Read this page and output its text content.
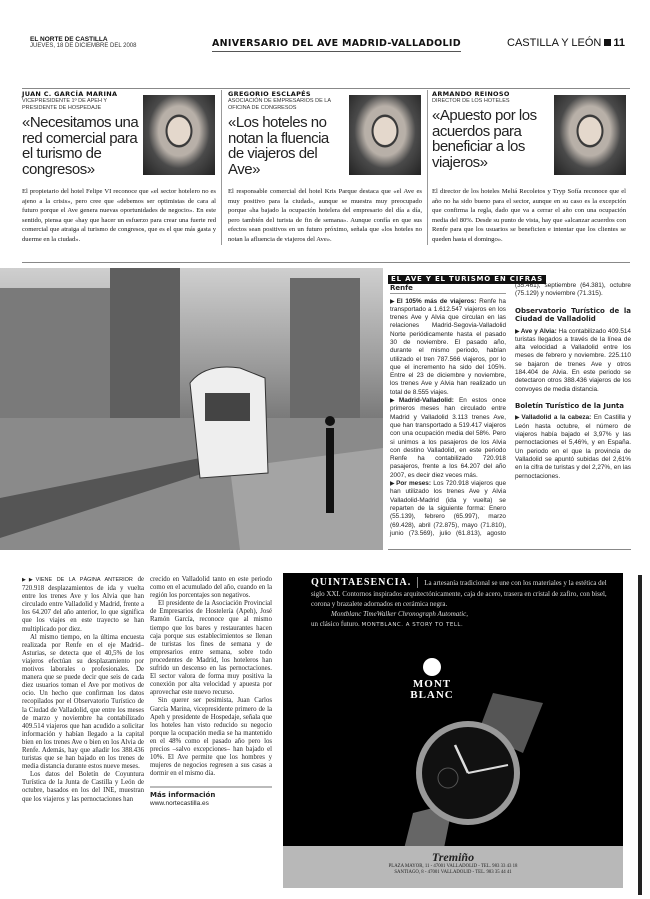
EL NORTE DE CASTILLA
JUEVES, 18 DE DICIEMBRE DEL 2008	ANIVERSARIO DEL AVE MADRID-VALLADOLID	CASTILLA Y LEÓN 11
JUAN C. GARCÍA MARINA
VICEPRESIDENTE 1º DE APEH Y PRESIDENTE DE HOSPEDAJE
«Necesitamos una red comercial para el turismo de congresos»
El propietario del hotel Felipe VI reconoce que «el sector hotelero no es ajeno a la crisis», pero cree que «debemos ser optimistas de cara al futuro porque el Ave genera nuevas oportunidades de negocio». En este sentido, piensa que «hay que hacer un esfuerzo para crear una fuerte red comercial que atraiga al turismo de congresos, que es el que más gasta y duerme en la ciudad».
GREGORIO ESCLAPÉS
ASOCIACIÓN DE EMPRESARIOS DE LA OFICINA DE CONGRESOS
«Los hoteles no notan la fluencia de viajeros del Ave»
El responsable comercial del hotel Kris Parque destaca que «el Ave es muy positivo para la ciudad», aunque se muestra muy preocupado porque «ha bajado la ocupación hotelera del empresario del día a día, pero también del turista de fin de semana». Aunque confía en que sus efectos sean positivos en un futuro próximo, señala que «los hoteles no notan la afluencia de viajeros del Ave».
ARMANDO REINOSO
DIRECTOR DE LOS HOTELES
«Apuesto por los acuerdos para beneficiar a los viajeros»
El director de los hoteles Meliá Recoletos y Tryp Sofía reconoce que el año no ha sido bueno para el sector, aunque en su caso es la excepción que confirma la regla, dado que va a cerrar el año con una ocupación media del 80%. Desde su punto de vista, hay que «alcanzar acuerdos con Renfe para que los usuarios se beneficien e intentar que los clientes se queden hasta el domingo».
EL AVE Y EL TURISMO EN CIFRAS
Renfe

▶El 105% más de viajeros: Renfe ha transportado a 1.612.547 viajeros en los trenes Ave y Alvia que circulan en las relaciones Madrid-Segovia-Valladolid Norte periódicamente hasta el pasado 30 de noviembre. El pasado año, durante el mismo periodo, habían utilizado el tren 787.566 viajeros, por lo que el incremento ha sido del 105%. Entre el 23 de diciembre y noviembre, los trenes Ave y Alvia han realizado un total de 8.555 viajes.

▶Madrid-Valladolid: En estos once primeros meses han circulado entre Madrid y Valladolid 3.113 trenes Ave, que han transportado a 519.417 viajeros con una ocupación media del 58%. Pero si unimos a los pasajeros de los Alvia con destino Valladolid, en este periodo Renfe ha contabilizado 720.918 pasajeros, frente a los 64.207 del año 2007, es decir diez veces más.

▶Por meses: Los 720.918 viajeros que han utilizado los trenes Ave y Alvia Valladolid-Madrid (ida y vuelta) se reparten de la siguiente forma: Enero (55.139), febrero (65.997), marzo (69.428), abril (72.875), mayo (71.810), junio (73.569), julio (61.813), agosto (35.461), septiembre (64.381), octubre (75.129) y noviembre (71.315).

Observatorio Turístico de la Ciudad de Valladolid

▶Ave y Alvia: Ha contabilizado 409.514 turistas llegados a través de la línea de alta velocidad a Valladolid entre los meses de febrero y noviembre. 225.110 se bajaron de trenes Ave y otros 184.404 de Alvia. En este periodo se detectaron otros 388.436 viajeros de los convoyes de media distancia.

Boletín Turístico de la Junta

▶Valladolid a la cabeza: En Castilla y León hasta octubre, el número de viajeros había bajado el 3,97% y las pernoctaciones el 5,46%, y en España. Un periodo en el que la provincia de Valladolid se apuntó subidas del 2,61% en la cifra de turistas y del 2,27%, en las pernoctaciones.

▶▶VIENE DE LA PÁGINA ANTERIOR de 720.918 desplazamientos de ida y vuelta entre los trenes Ave y los Alvia que han circulado entre Valladolid y Madrid, frente a los 64.207 del año anterior, lo que significa que los viajes en este trayecto se han multiplicado por diez.

Al mismo tiempo, en la última encuesta realizada por Renfe en el eje Madrid–Asturias, se detecta que el 40,5% de los viajeros efectúan su desplazamiento por motivos laborales o profesionales. De manera que se puede decir que seis de cada diez usuarios toman el Ave por motivos de ocio. Un hecho que confirman los datos recopilados por el Observatorio Turístico de la Ciudad de Valladolid, que entre los meses de marzo y noviembre ha contabilizado 409.514 viajeros que han acudido a solicitar información y habían llegado a la capital bien en los trenes Ave o bien en los Alvia de Renfe. Además, hay que añadir los 388.436 turistas que se han bajado en los trenes de media distancia durante estos nueve meses.

Los datos del Boletín de Coyuntura Turística de la Junta de Castilla y León de octubre, basados en los del INE, muestran que los viajeros y las pernoctaciones han

crecido en Valladolid tanto en este periodo como en el acumulado del año, cuando en la región los porcentajes son negativos.

El presidente de la Asociación Provincial de Empresarios de Hostelería (Apeh), José Ramón García, reconoce que al mismo tiempo que los bares y restaurantes hacen caja porque sus establecimientos se llenan de turistas los fines de semana y de empresarios entre semana, sobre todo procedentes de Madrid, los hoteleros han sufrido un descenso en las pernoctaciones. El sector valora de forma muy positiva la conexión por alta velocidad y apuesta por aprovechar este nuevo recurso.

Sin querer ser pesimista, Juan Carlos García Marina, vicepresidente primero de la Apeh y presidente de Hospedaje, señala que los hoteles han visto reducido su negocio porque la ocupación media se ha mantenido en el 48% como el pasado año pero los precios –salvo excepciones– han bajado el 10%. El Ave permite que los hombres y mujeres de negocios regresen a sus casas a dormir en el mismo día.

Más información
www.nortecastilla.es
QUINTAESENCIA. La artesanía tradicional se une con los materiales y la estética del siglo XXI. Contornos inspirados arquitectónicamente, caja de acero, trasera en cristal de zafiro, con bisel, corona y brazalete adornados en cerámica negra.
Montblanc TimeWalker Chronograph Automatic,
un clásico futuro. MONTBLANC. A STORY TO TELL.
MONT BLANC
Tremiño
PLAZA MAYOR, 11 - 47001 VALLADOLID - TEL. 983 33 43 18
SANTIAGO, 8 - 47001 VALLADOLID - TEL. 983 35 44 41
